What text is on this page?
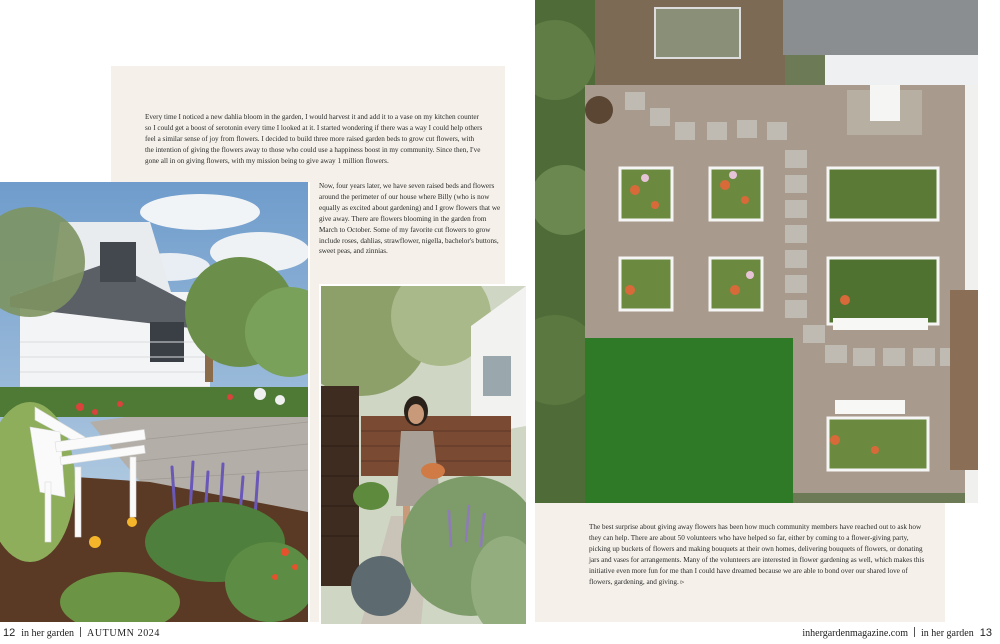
Every time I noticed a new dahlia bloom in the garden, I would harvest it and add it to a vase on my kitchen counter so I could get a boost of serotonin every time I looked at it. I started wondering if there was a way I could help others feel a similar sense of joy from flowers. I decided to build three more raised garden beds to grow cut flowers, with the intention of giving the flowers away to those who could use a happiness boost in my community. Since then, I've gone all in on giving flowers, with my mission being to give away 1 million flowers.

Now, four years later, we have seven raised beds and flowers around the perimeter of our house where Billy (who is now equally as excited about gardening) and I grow flowers that we give away. There are flowers blooming in the garden from March to October. Some of my favorite cut flowers to grow include roses, dahlias, strawflower, nigella, bachelor's buttons, sweet peas, and zinnias.

The best surprise about giving away flowers has been how much community members have reached out to ask how they can help. There are about 50 volunteers who have helped so far, either by coming to a flower-giving party, picking up buckets of flowers and making bouquets at their own homes, delivering bouquets of flowers, or donating jars and vases for arrangements. Many of the volunteers are interested in flower gardening as well, which makes this initiative even more fun for me than I could have dreamed because we are able to bond over our shared love of flowers, gardening, and giving. ▹

12 in her garden AUTUMN 2024	inhergardenmagazine.com in her garden 13
